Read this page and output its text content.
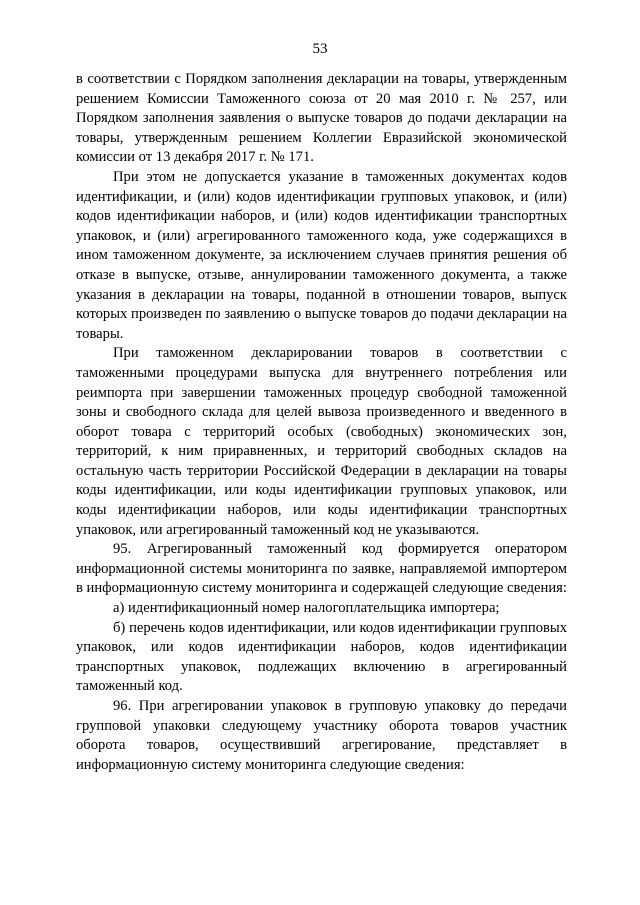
53

в соответствии с Порядком заполнения декларации на товары, утвержденным решением Комиссии Таможенного союза от 20 мая 2010 г. № 257, или Порядком заполнения заявления о выпуске товаров до подачи декларации на товары, утвержденным решением Коллегии Евразийской экономической комиссии от 13 декабря 2017 г. № 171.

При этом не допускается указание в таможенных документах кодов идентификации, и (или) кодов идентификации групповых упаковок, и (или) кодов идентификации наборов, и (или) кодов идентификации транспортных упаковок, и (или) агрегированного таможенного кода, уже содержащихся в ином таможенном документе, за исключением случаев принятия решения об отказе в выпуске, отзыве, аннулировании таможенного документа, а также указания в декларации на товары, поданной в отношении товаров, выпуск которых произведен по заявлению о выпуске товаров до подачи декларации на товары.

При таможенном декларировании товаров в соответствии с таможенными процедурами выпуска для внутреннего потребления или реимпорта при завершении таможенных процедур свободной таможенной зоны и свободного склада для целей вывоза произведенного и введенного в оборот товара с территорий особых (свободных) экономических зон, территорий, к ним приравненных, и территорий свободных складов на остальную часть территории Российской Федерации в декларации на товары коды идентификации, или коды идентификации групповых упаковок, или коды идентификации наборов, или коды идентификации транспортных упаковок, или агрегированный таможенный код не указываются.

95. Агрегированный таможенный код формируется оператором информационной системы мониторинга по заявке, направляемой импортером в информационную систему мониторинга и содержащей следующие сведения:

а) идентификационный номер налогоплательщика импортера;

б) перечень кодов идентификации, или кодов идентификации групповых упаковок, или кодов идентификации наборов, кодов идентификации транспортных упаковок, подлежащих включению в агрегированный таможенный код.

96. При агрегировании упаковок в групповую упаковку до передачи групповой упаковки следующему участнику оборота товаров участник оборота товаров, осуществивший агрегирование, представляет в информационную систему мониторинга следующие сведения:
